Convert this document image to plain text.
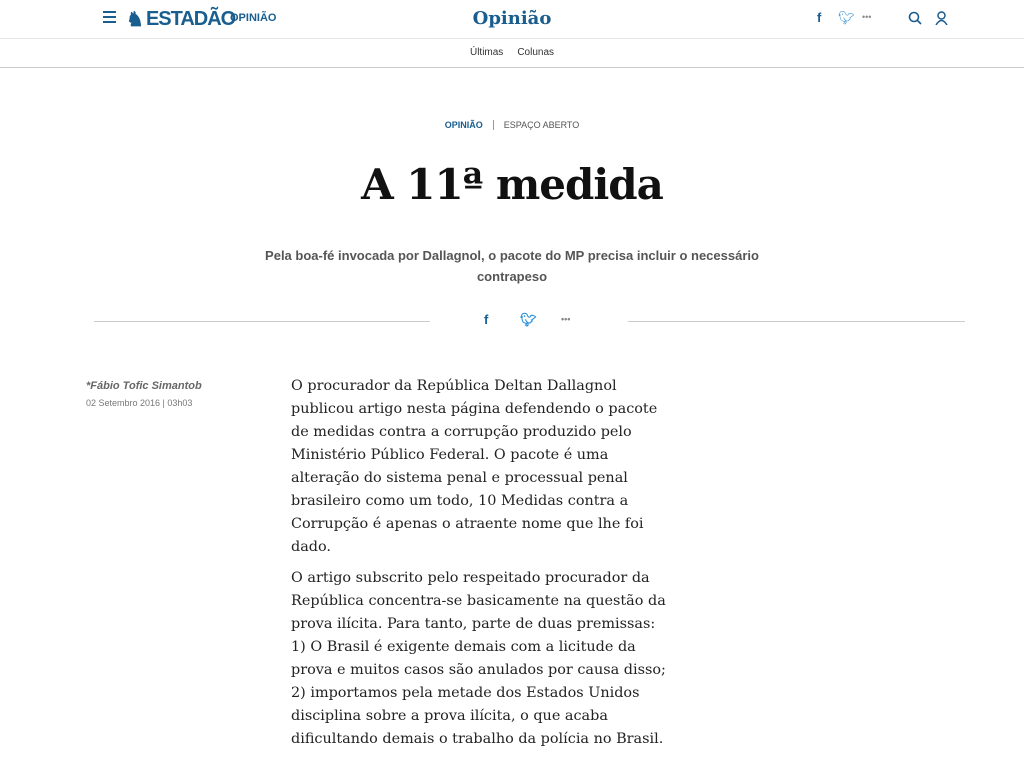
♞ ESTADÃO
OPINIÃO	Opinião	f 🐦︎ •••
Últimas Colunas
OPINIÃO ESPAÇO ABERTO
A 11ª medida
Pela boa-fé invocada por Dallagnol, o pacote do MP precisa incluir o necessário contrapeso
f 🐦︎	•••
*Fábio Tofic Simantob
02 Setembro 2016 | 03h03

O procurador da República Deltan Dallagnol publicou artigo nesta página defendendo o pacote de medidas contra a corrupção produzido pelo Ministério Público Federal. O pacote é uma alteração do sistema penal e processual penal brasileiro como um todo, 10 Medidas contra a Corrupção é apenas o atraente nome que lhe foi dado.

O artigo subscrito pelo respeitado procurador da República concentra-se basicamente na questão da prova ilícita. Para tanto, parte de duas premissas: 1) O Brasil é exigente demais com a licitude da prova e muitos casos são anulados por causa disso; 2) importamos pela metade dos Estados Unidos disciplina sobre a prova ilícita, o que acaba dificultando demais o trabalho da polícia no Brasil.
